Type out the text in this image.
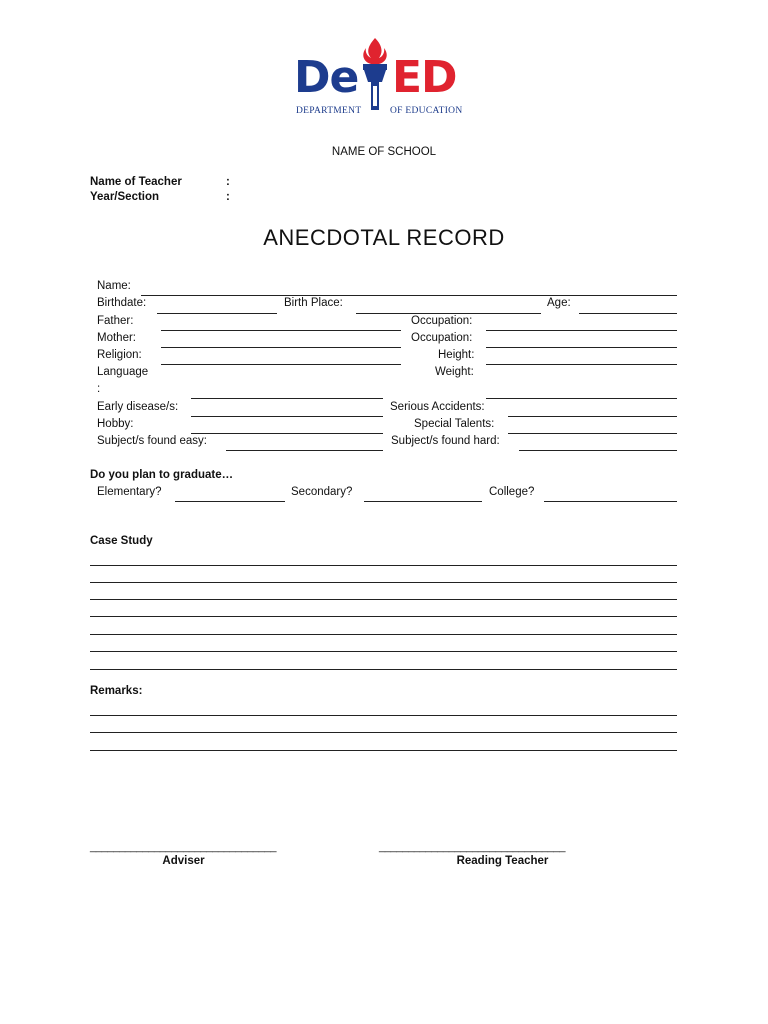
De ED
DEPARTMENT	OF EDUCATION
NAME OF SCHOOL
Name of Teacher	:
Year/Section	:
ANECDOTAL RECORD
Name:
Birthdate:	Birth Place:	Age:
Father:	Occupation:
Mother:	Occupation:
Religion:	Height:
Language	Weight:
:
Early disease/s:	Serious Accidents:
Hobby:	Special Talents:
Subject/s found easy:	Subject/s found hard:
Do you plan to graduate…
Elementary?	Secondary?	College?
Case Study
Remarks:
________________________________
Adviser
________________________________
Reading Teacher
